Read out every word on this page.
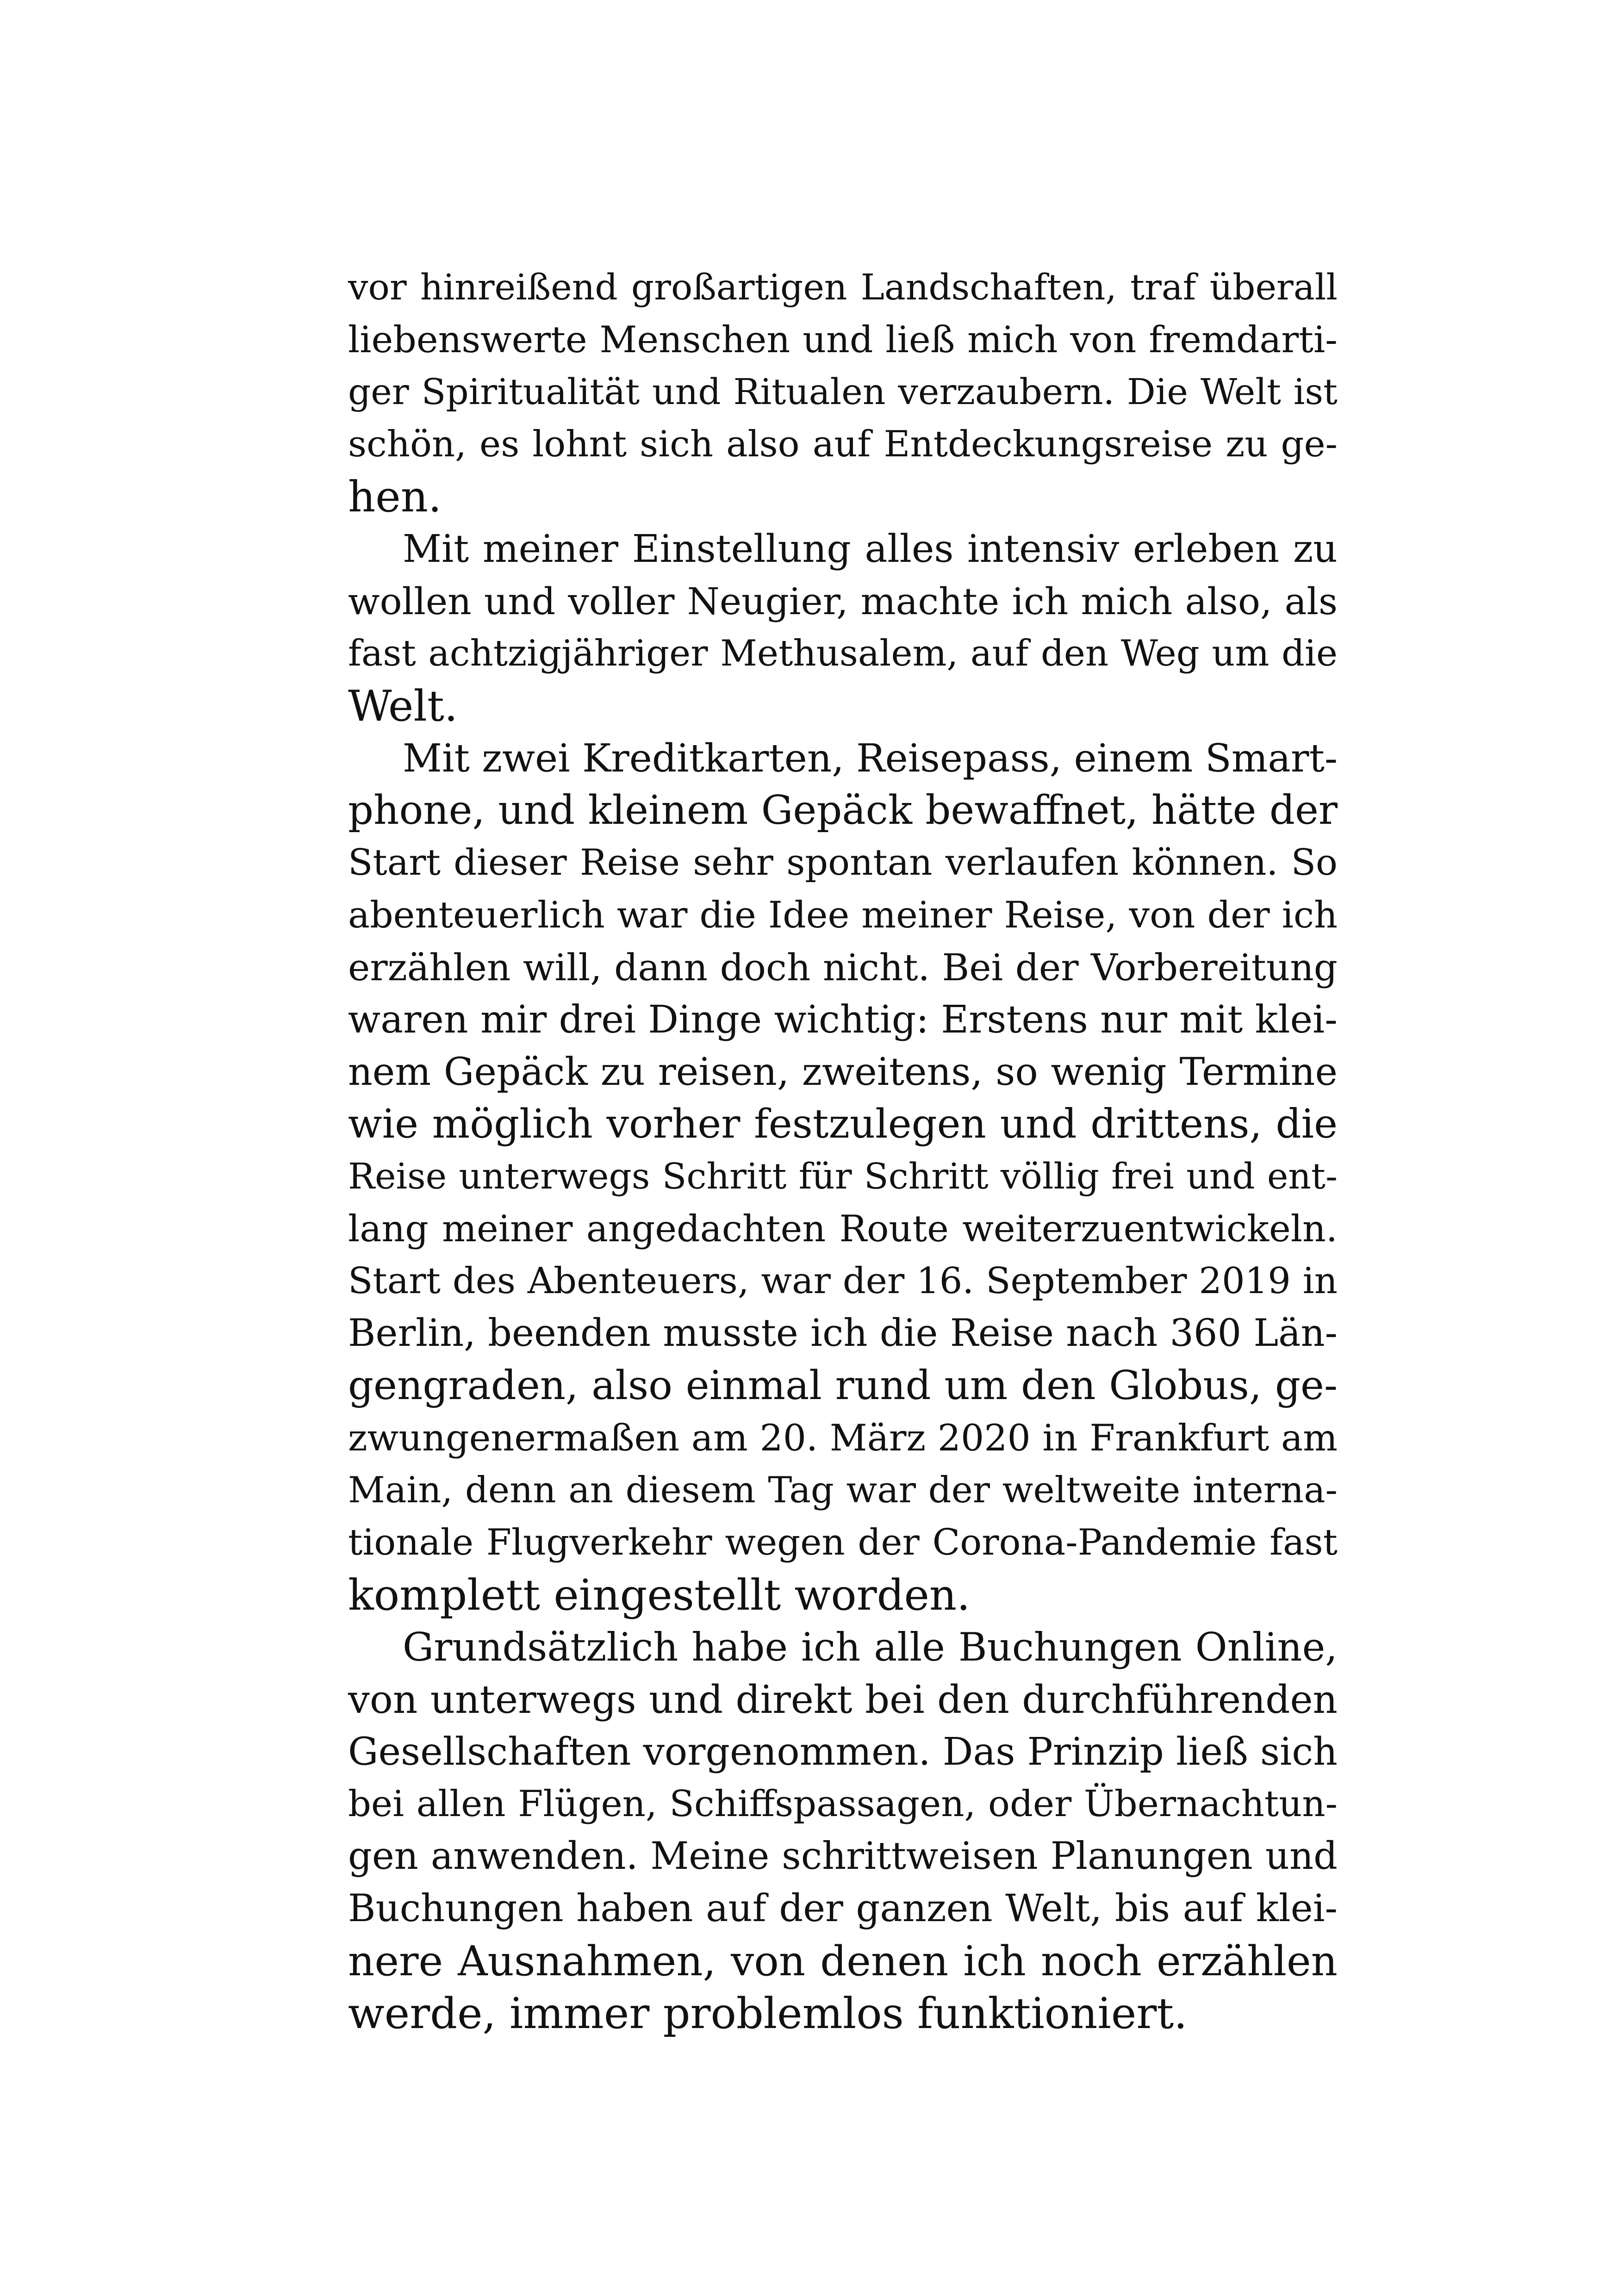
vor hinreißend großartigen Landschaften, traf überall
liebenswerte Menschen und ließ mich von fremdarti-
ger Spiritualität und Ritualen verzaubern. Die Welt ist
schön, es lohnt sich also auf Entdeckungsreise zu ge-
hen.
Mit meiner Einstellung alles intensiv erleben zu
wollen und voller Neugier, machte ich mich also, als
fast achtzigjähriger Methusalem, auf den Weg um die
Welt.
Mit zwei Kreditkarten, Reisepass, einem Smart-
phone, und kleinem Gepäck bewaffnet, hätte der
Start dieser Reise sehr spontan verlaufen können. So
abenteuerlich war die Idee meiner Reise, von der ich
erzählen will, dann doch nicht. Bei der Vorbereitung
waren mir drei Dinge wichtig: Erstens nur mit klei-
nem Gepäck zu reisen, zweitens, so wenig Termine
wie möglich vorher festzulegen und drittens, die
Reise unterwegs Schritt für Schritt völlig frei und ent-
lang meiner angedachten Route weiterzuentwickeln.
Start des Abenteuers, war der 16. September 2019 in
Berlin, beenden musste ich die Reise nach 360 Län-
gengraden, also einmal rund um den Globus, ge-
zwungenermaßen am 20. März 2020 in Frankfurt am
Main, denn an diesem Tag war der weltweite interna-
tionale Flugverkehr wegen der Corona-Pandemie fast
komplett eingestellt worden.
Grundsätzlich habe ich alle Buchungen Online,
von unterwegs und direkt bei den durchführenden
Gesellschaften vorgenommen. Das Prinzip ließ sich
bei allen Flügen, Schiffspassagen, oder Übernachtun-
gen anwenden. Meine schrittweisen Planungen und
Buchungen haben auf der ganzen Welt, bis auf klei-
nere Ausnahmen, von denen ich noch erzählen
werde, immer problemlos funktioniert.
